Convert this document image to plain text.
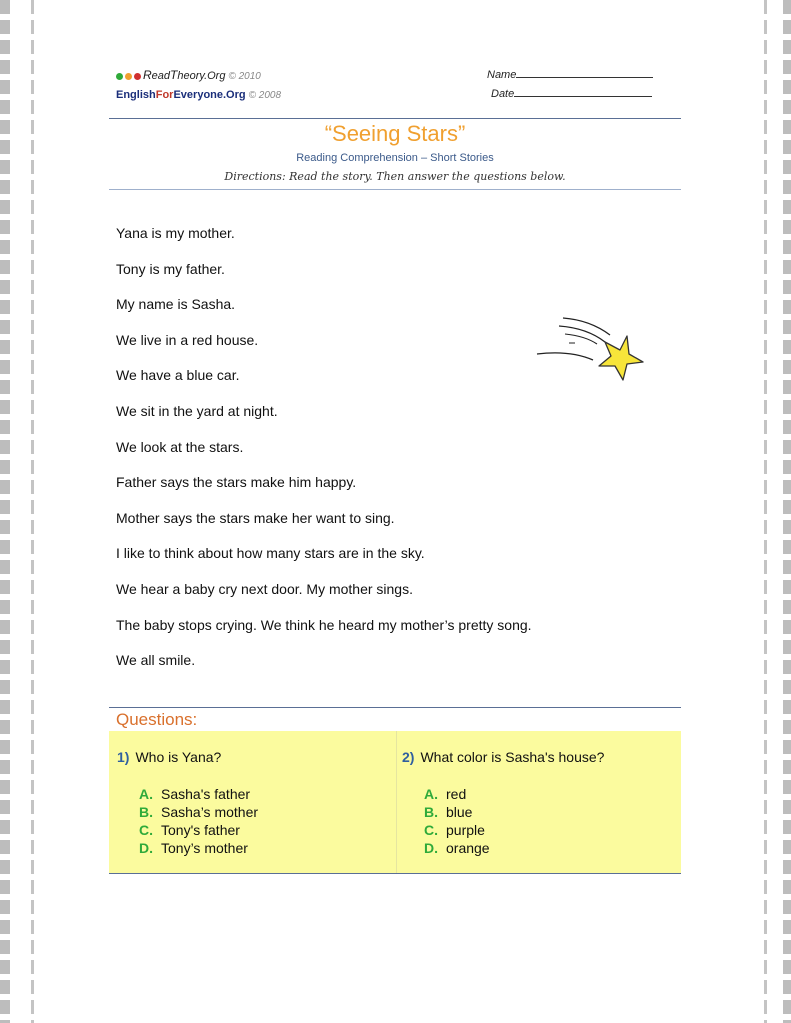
ReadTheory.Org © 2010
EnglishForEveryone.Org © 2008
Name
Date
“Seeing Stars”
Reading Comprehension – Short Stories
Directions: Read the story. Then answer the questions below.

Yana is my mother.

Tony is my father.

My name is Sasha.

We live in a red house.

We have a blue car.

We sit in the yard at night.

We look at the stars.

Father says the stars make him happy.

Mother says the stars make her want to sing.

I like to think about how many stars are in the sky.

We hear a baby cry next door. My mother sings.

The baby stops crying. We think he heard my mother’s pretty song.

We all smile.

Questions:
1) Who is Yana?
A. Sasha's father
B. Sasha’s mother
C. Tony's father
D. Tony’s mother
2) What color is Sasha's house?
A. red
B. blue
C. purple
D. orange
